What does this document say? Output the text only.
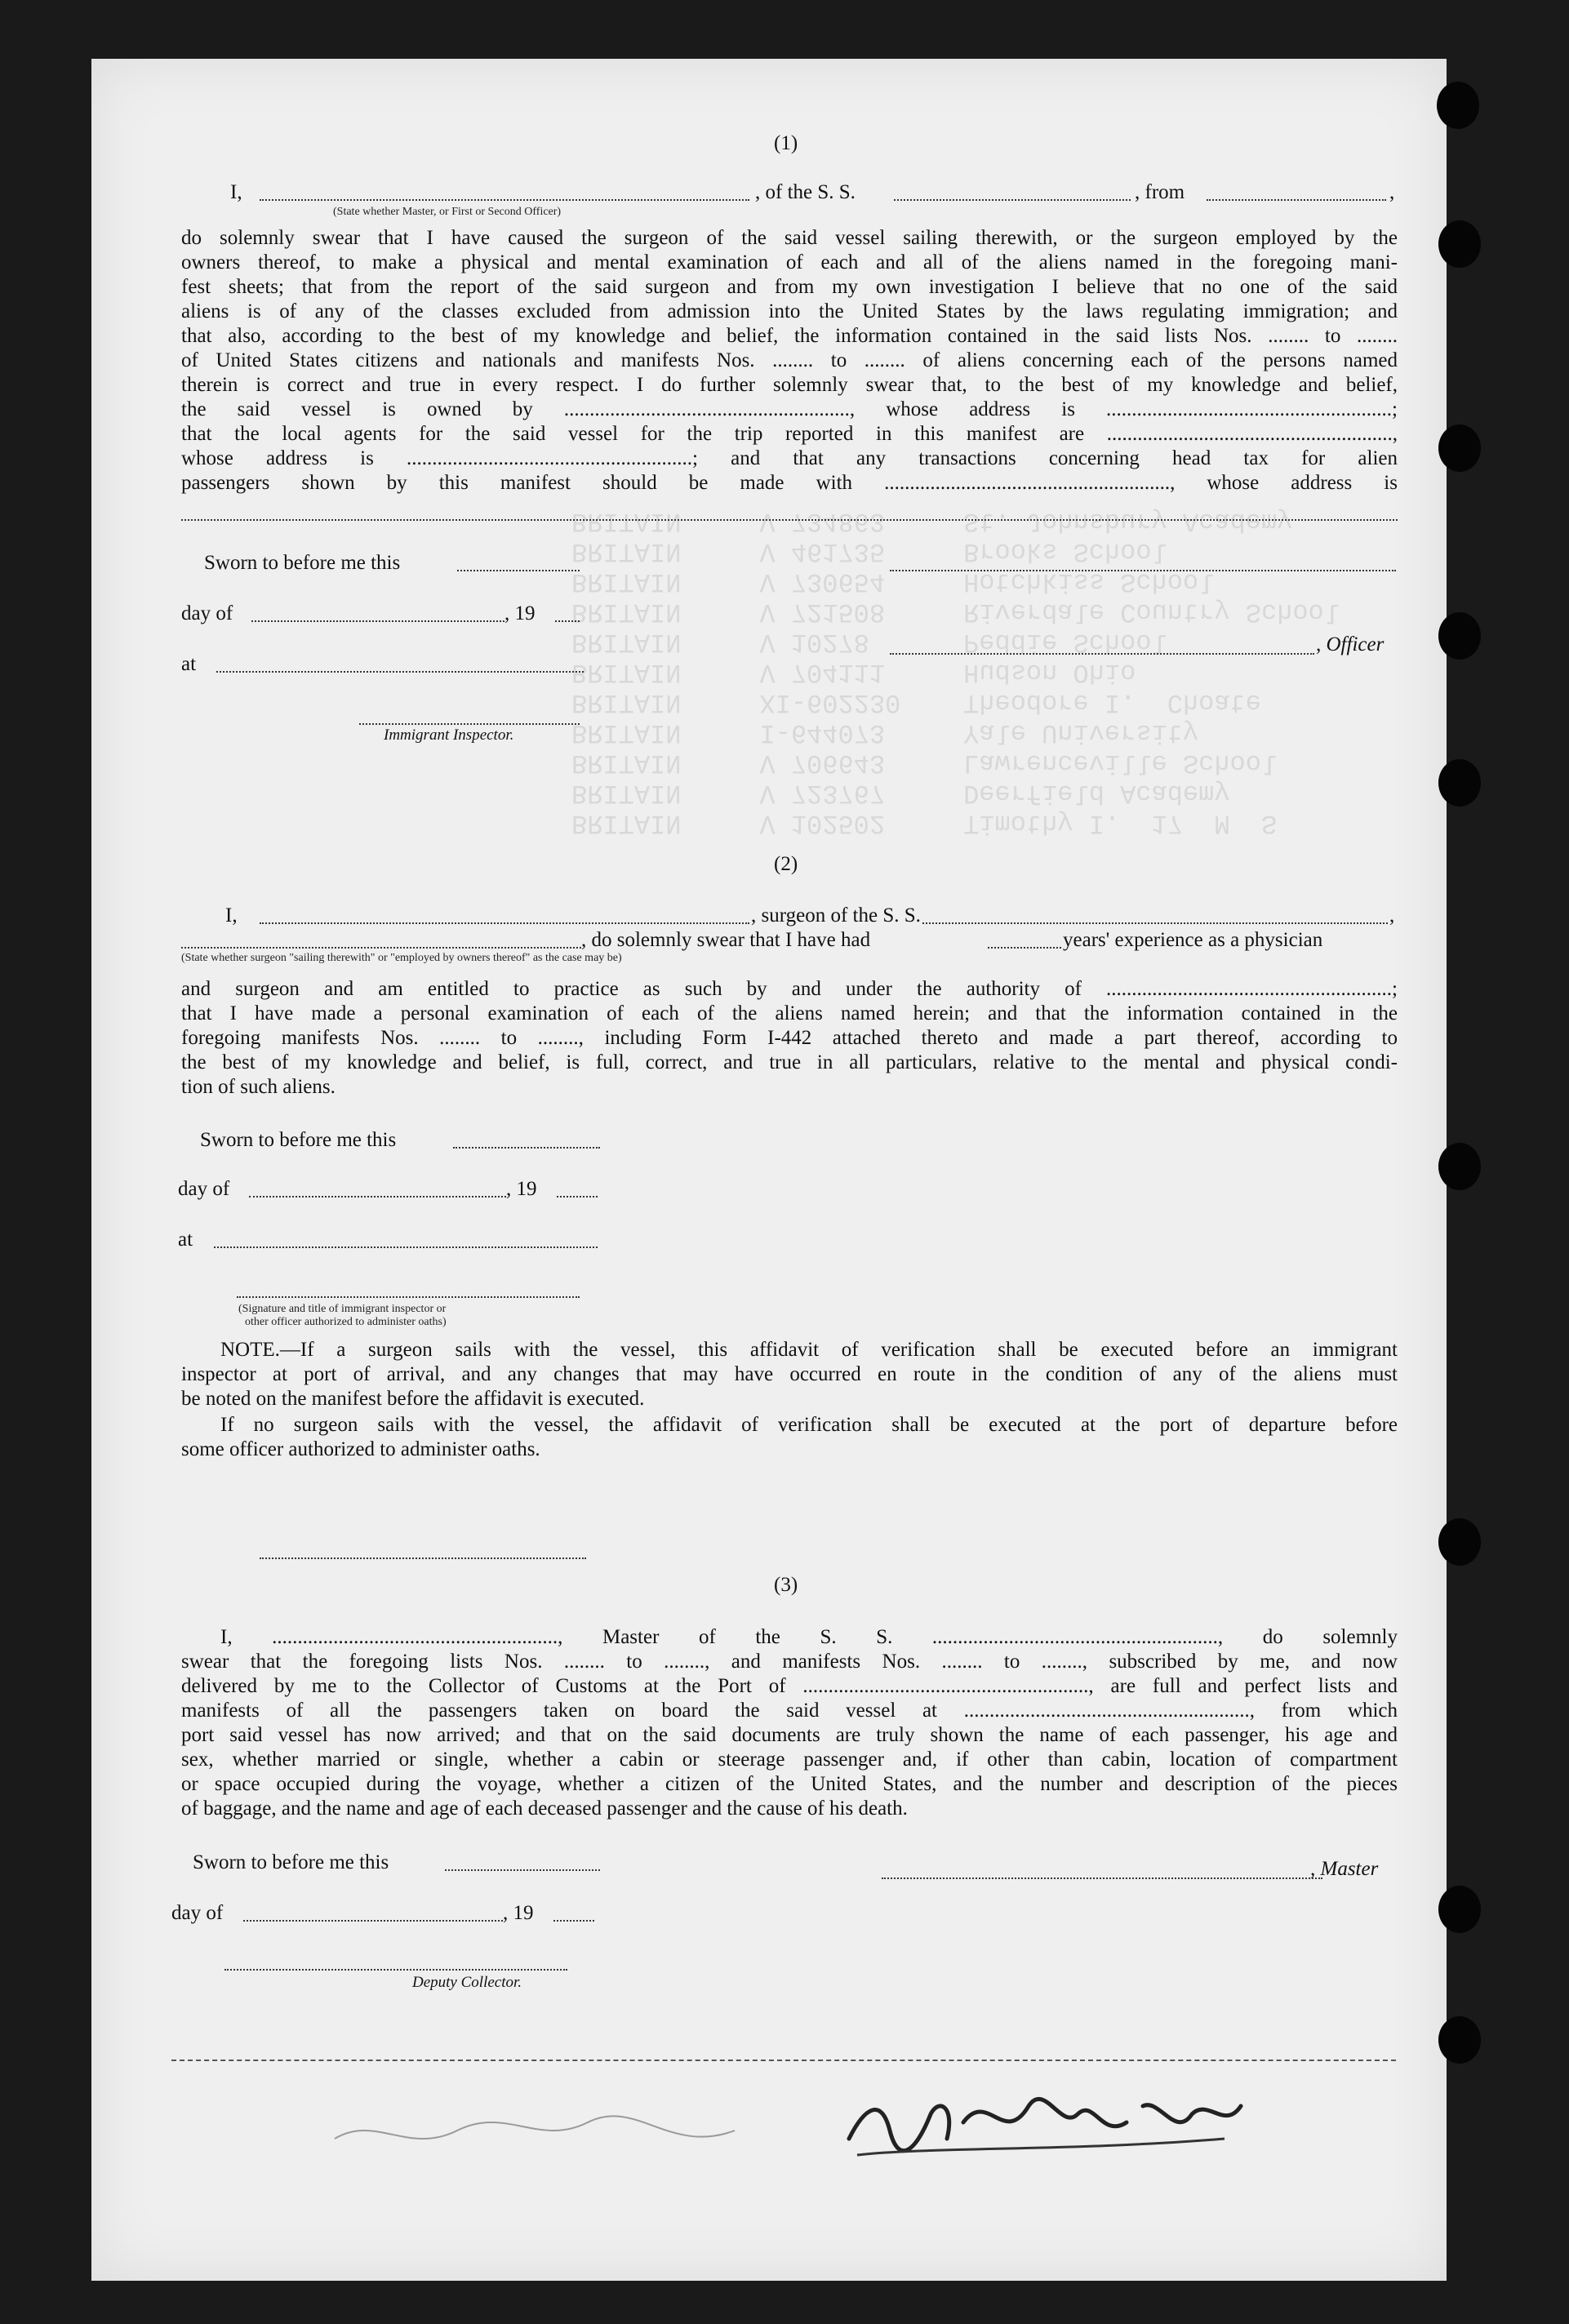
BRITAIN     V 102502     Timothy I.  17  M  S
BRITAIN     V 723767     Deerfield Academy
BRITAIN     V 706643     Lawrenceville School
BRITAIN     I-644073     Yale University
BRITAIN     XI-602230    Theodore I.  Choate
BRITAIN     V 704111     Hudson Ohio
BRITAIN     V 10278      Peddie School
BRITAIN     V 721508     Riverdale Country School
BRITAIN     V 730654     Hotchkiss School
BRITAIN     V 461735     Brooks School
BRITAIN     V 734863     St. Johnsbury Academy

(1)
I,	, of the S. S.	, from	,
(State whether Master, or First or Second Officer)
do solemnly swear that I have caused the surgeon of the said vessel sailing therewith, or the surgeon employed by the
owners thereof, to make a physical and mental examination of each and all of the aliens named in the foregoing mani-
fest sheets; that from the report of the said surgeon and from my own investigation I believe that no one of the said
aliens is of any of the classes excluded from admission into the United States by the laws regulating immigration; and
that also, according to the best of my knowledge and belief, the information contained in the said lists Nos. ........ to ........
of United States citizens and nationals and manifests Nos. ........ to ........ of aliens concerning each of the persons named
therein is correct and true in every respect. I do further solemnly swear that, to the best of my knowledge and belief,
the said vessel is owned by ........................................................, whose address is ........................................................;
that the local agents for the said vessel for the trip reported in this manifest are ........................................................,
whose address is ........................................................; and that any transactions concerning head tax for alien
passengers shown by this manifest should be made with ........................................................, whose address is
Sworn to before me this
day of	, 19
, Officer
at
Immigrant Inspector.
(2)
I,	, surgeon of the S. S.	,
, do solemnly swear that I have had	years' experience as a physician
(State whether surgeon "sailing therewith" or "employed by owners thereof" as the case may be)
and surgeon and am entitled to practice as such by and under the authority of ........................................................;
that I have made a personal examination of each of the aliens named herein; and that the information contained in the
foregoing manifests Nos. ........ to ........, including Form I-442 attached thereto and made a part thereof, according to
the best of my knowledge and belief, is full, correct, and true in all particulars, relative to the mental and physical condi-
tion of such aliens.
Sworn to before me this
day of	, 19
at
(Signature and title of immigrant inspector or
other officer authorized to administer oaths)
NOTE.—If a surgeon sails with the vessel, this affidavit of verification shall be executed before an immigrant
inspector at port of arrival, and any changes that may have occurred en route in the condition of any of the aliens must
be noted on the manifest before the affidavit is executed.
If no surgeon sails with the vessel, the affidavit of verification shall be executed at the port of departure before
some officer authorized to administer oaths.
(3)
I, ........................................................, Master of the S. S. ........................................................, do solemnly
swear that the foregoing lists Nos. ........ to ........, and manifests Nos. ........ to ........, subscribed by me, and now
delivered by me to the Collector of Customs at the Port of ........................................................, are full and perfect lists and
manifests of all the passengers taken on board the said vessel at ........................................................, from which
port said vessel has now arrived; and that on the said documents are truly shown the name of each passenger, his age and
sex, whether married or single, whether a cabin or steerage passenger and, if other than cabin, location of compartment
or space occupied during the voyage, whether a citizen of the United States, and the number and description of the pieces
of baggage, and the name and age of each deceased passenger and the cause of his death.
Sworn to before me this	, Master
day of	, 19
Deputy Collector.
